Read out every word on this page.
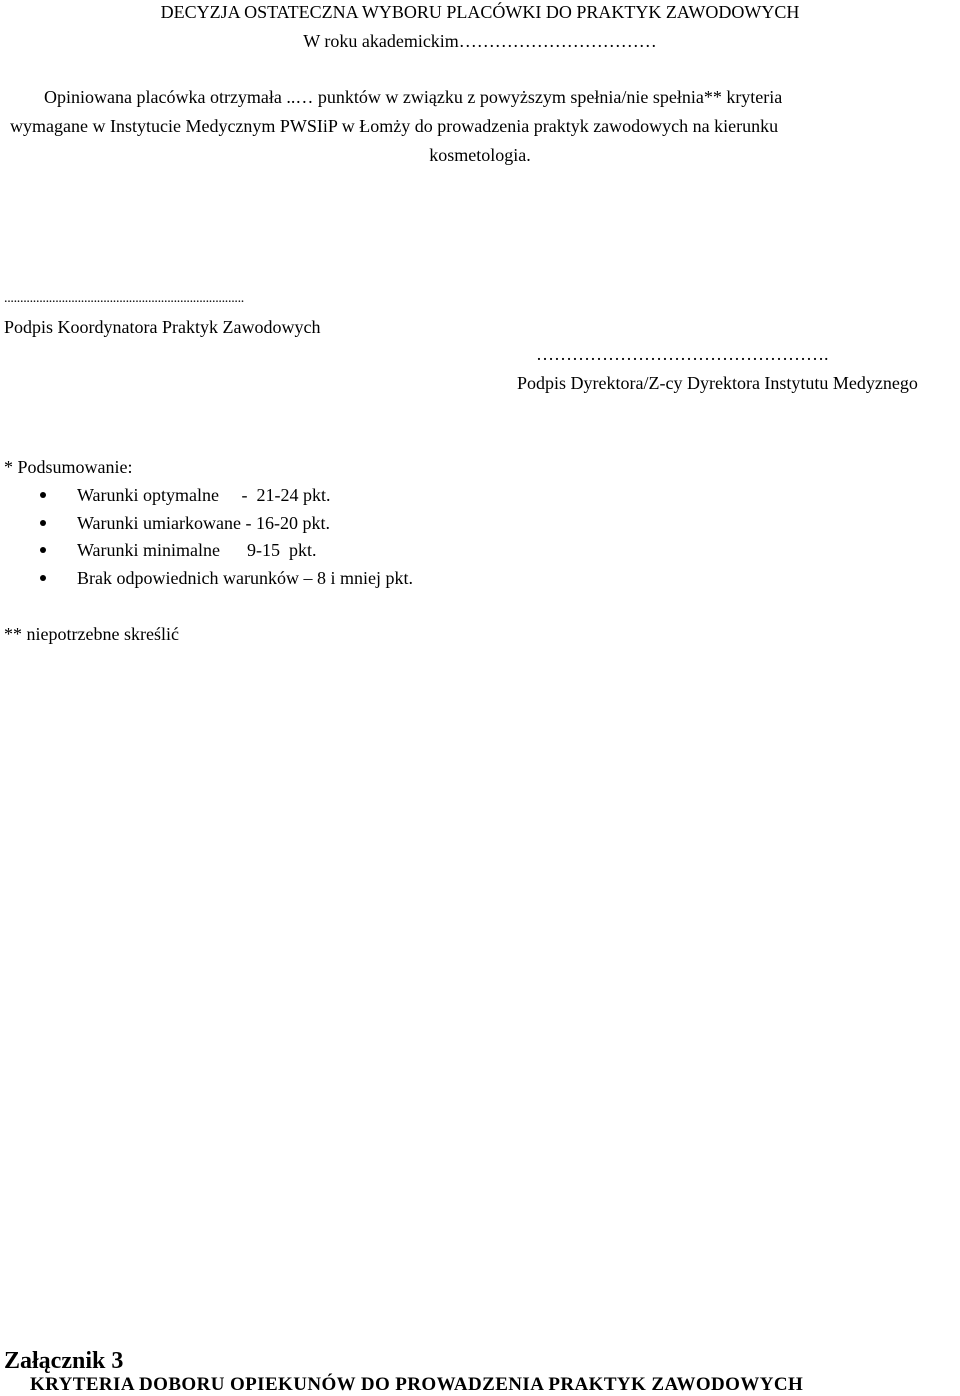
DECYZJA OSTATECZNA WYBORU PLACÓWKI DO PRAKTYK ZAWODOWYCH
W roku akademickim……………………………
Opiniowana placówka otrzymała ..… punktów w związku z powyższym spełnia/nie spełnia** kryteria
wymagane w Instytucie Medycznym PWSIiP w Łomży do prowadzenia praktyk zawodowych na kierunku
kosmetologia.
...........................................................................
Podpis Koordynatora Praktyk Zawodowych
………………………………………….
Podpis Dyrektora/Z-cy Dyrektora Instytutu Medyznego
* Podsumowanie:
Warunki optymalne     -  21-24 pkt.
Warunki umiarkowane - 16-20 pkt.
Warunki minimalne      9-15  pkt.
Brak odpowiednich warunków – 8 i mniej pkt.
** niepotrzebne skreślić
Załącznik 3
KRYTERIA DOBORU OPIEKUNÓW DO PROWADZENIA PRAKTYK ZAWODOWYCH
